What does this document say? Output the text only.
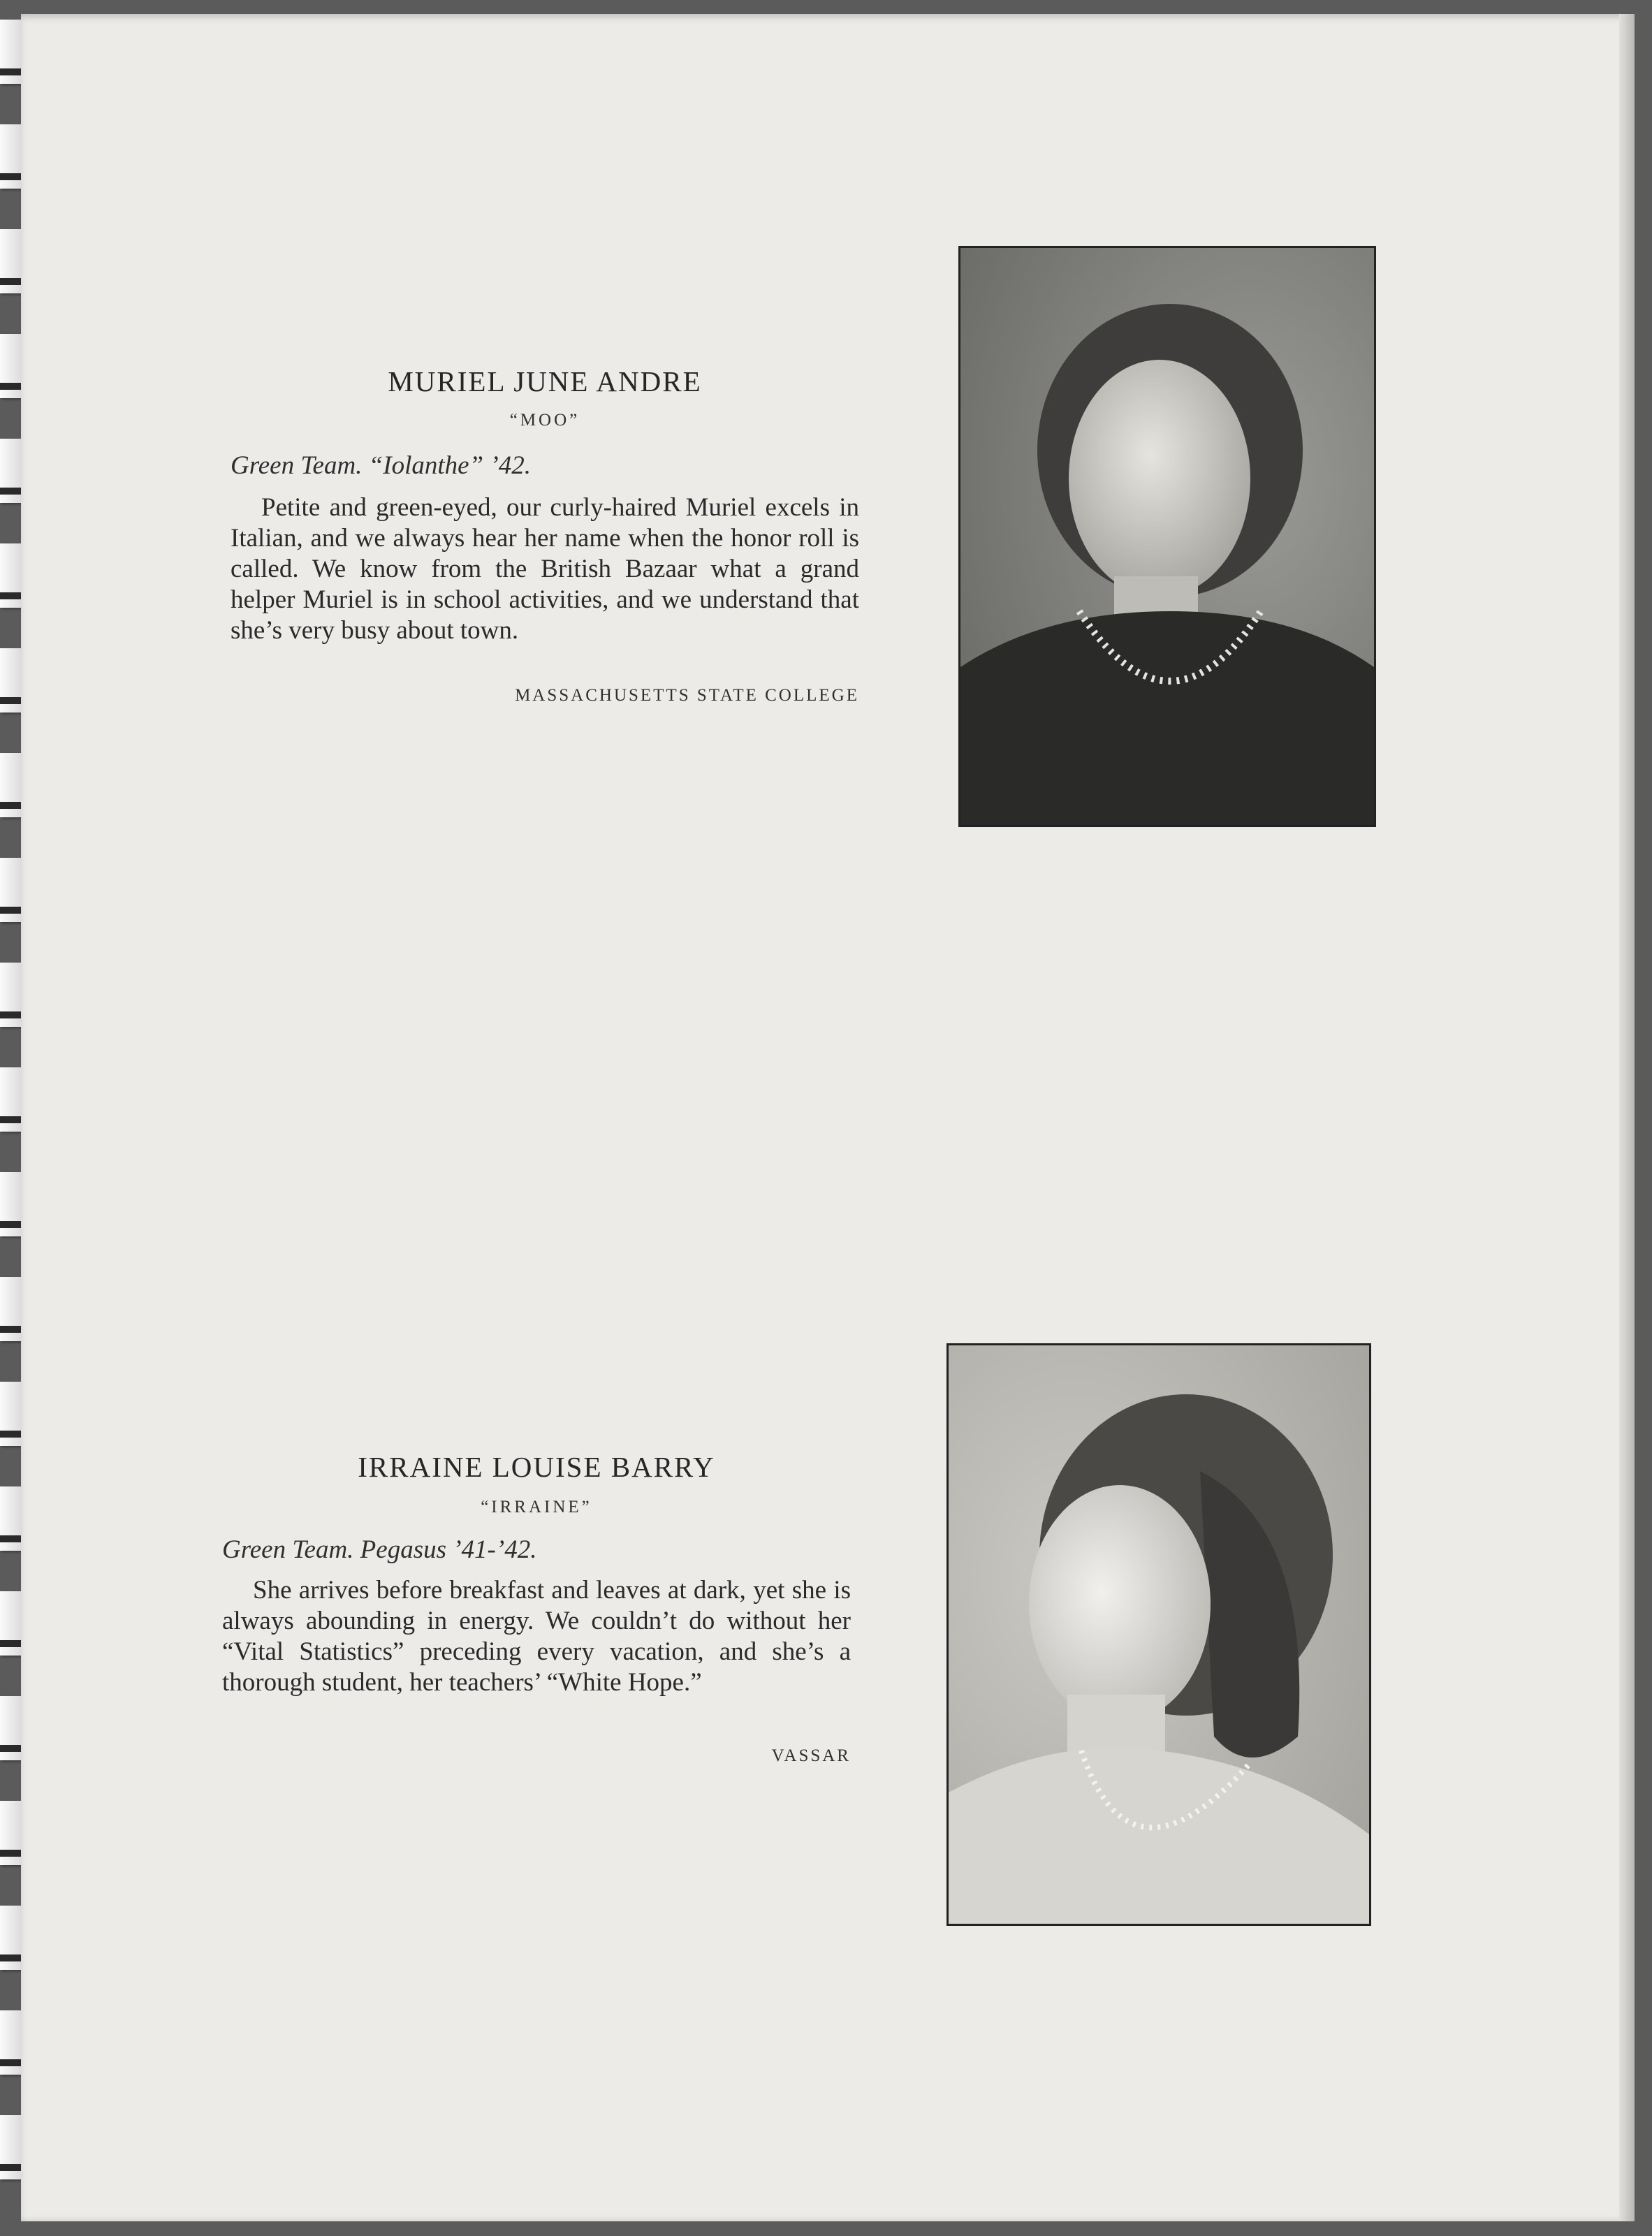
MURIEL JUNE ANDRE
“MOO”
Green Team. “Iolanthe” ’42.
Petite and green-eyed, our curly-haired Muriel excels in Italian, and we always hear her name when the honor roll is called. We know from the British Bazaar what a grand helper Muriel is in school activities, and we understand that she’s very busy about town.
MASSACHUSETTS STATE COLLEGE
IRRAINE LOUISE BARRY
“IRRAINE”
Green Team. Pegasus ’41-’42.
She arrives before breakfast and leaves at dark, yet she is always abounding in energy. We couldn’t do without her “Vital Statistics” preceding every vacation, and she’s a thorough student, her teachers’ “White Hope.”
VASSAR
